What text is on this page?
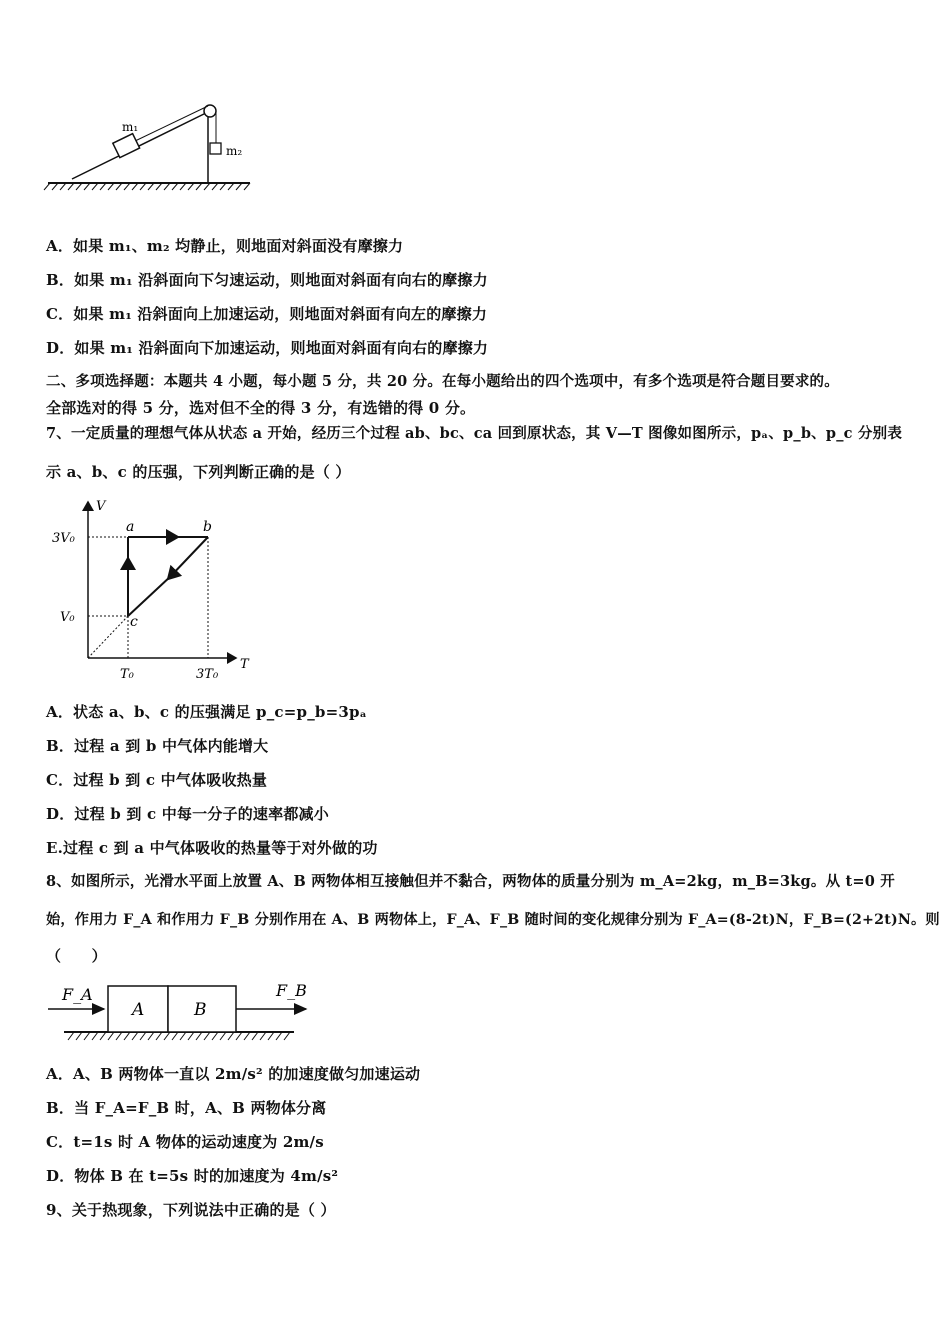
m₁
m₂
A．如果 m₁、m₂ 均静止，则地面对斜面没有摩擦力
B．如果 m₁ 沿斜面向下匀速运动，则地面对斜面有向右的摩擦力
C．如果 m₁ 沿斜面向上加速运动，则地面对斜面有向左的摩擦力
D．如果 m₁ 沿斜面向下加速运动，则地面对斜面有向右的摩擦力
二、多项选择题：本题共 4 小题，每小题 5 分，共 20 分。在每小题给出的四个选项中，有多个选项是符合题目要求的。
全部选对的得 5 分，选对但不全的得 3 分，有选错的得 0 分。
7、一定质量的理想气体从状态 a 开始，经历三个过程 ab、bc、ca 回到原状态，其 V—T 图像如图所示，pₐ、p_b、p_c 分别表
示 a、b、c 的压强，下列判断正确的是（ ）
V
T
3V₀
V₀
T₀	3T₀
a	b
c
A．状态 a、b、c 的压强满足 p_c=p_b=3pₐ
B．过程 a 到 b 中气体内能增大
C．过程 b 到 c 中气体吸收热量
D．过程 b 到 c 中每一分子的速率都减小
E.过程 c 到 a 中气体吸收的热量等于对外做的功
8、如图所示，光滑水平面上放置 A、B 两物体相互接触但并不黏合，两物体的质量分别为 m_A=2kg，m_B=3kg。从 t=0 开
始，作用力 F_A 和作用力 F_B 分别作用在 A、B 两物体上，F_A、F_B 随时间的变化规律分别为 F_A=(8-2t)N，F_B=(2+2t)N。则
（　　）
A	B
F_A	F_B
A．A、B 两物体一直以 2m/s² 的加速度做匀加速运动
B．当 F_A=F_B 时，A、B 两物体分离
C．t=1s 时 A 物体的运动速度为 2m/s
D．物体 B 在 t=5s 时的加速度为 4m/s²
9、关于热现象，下列说法中正确的是（ ）
